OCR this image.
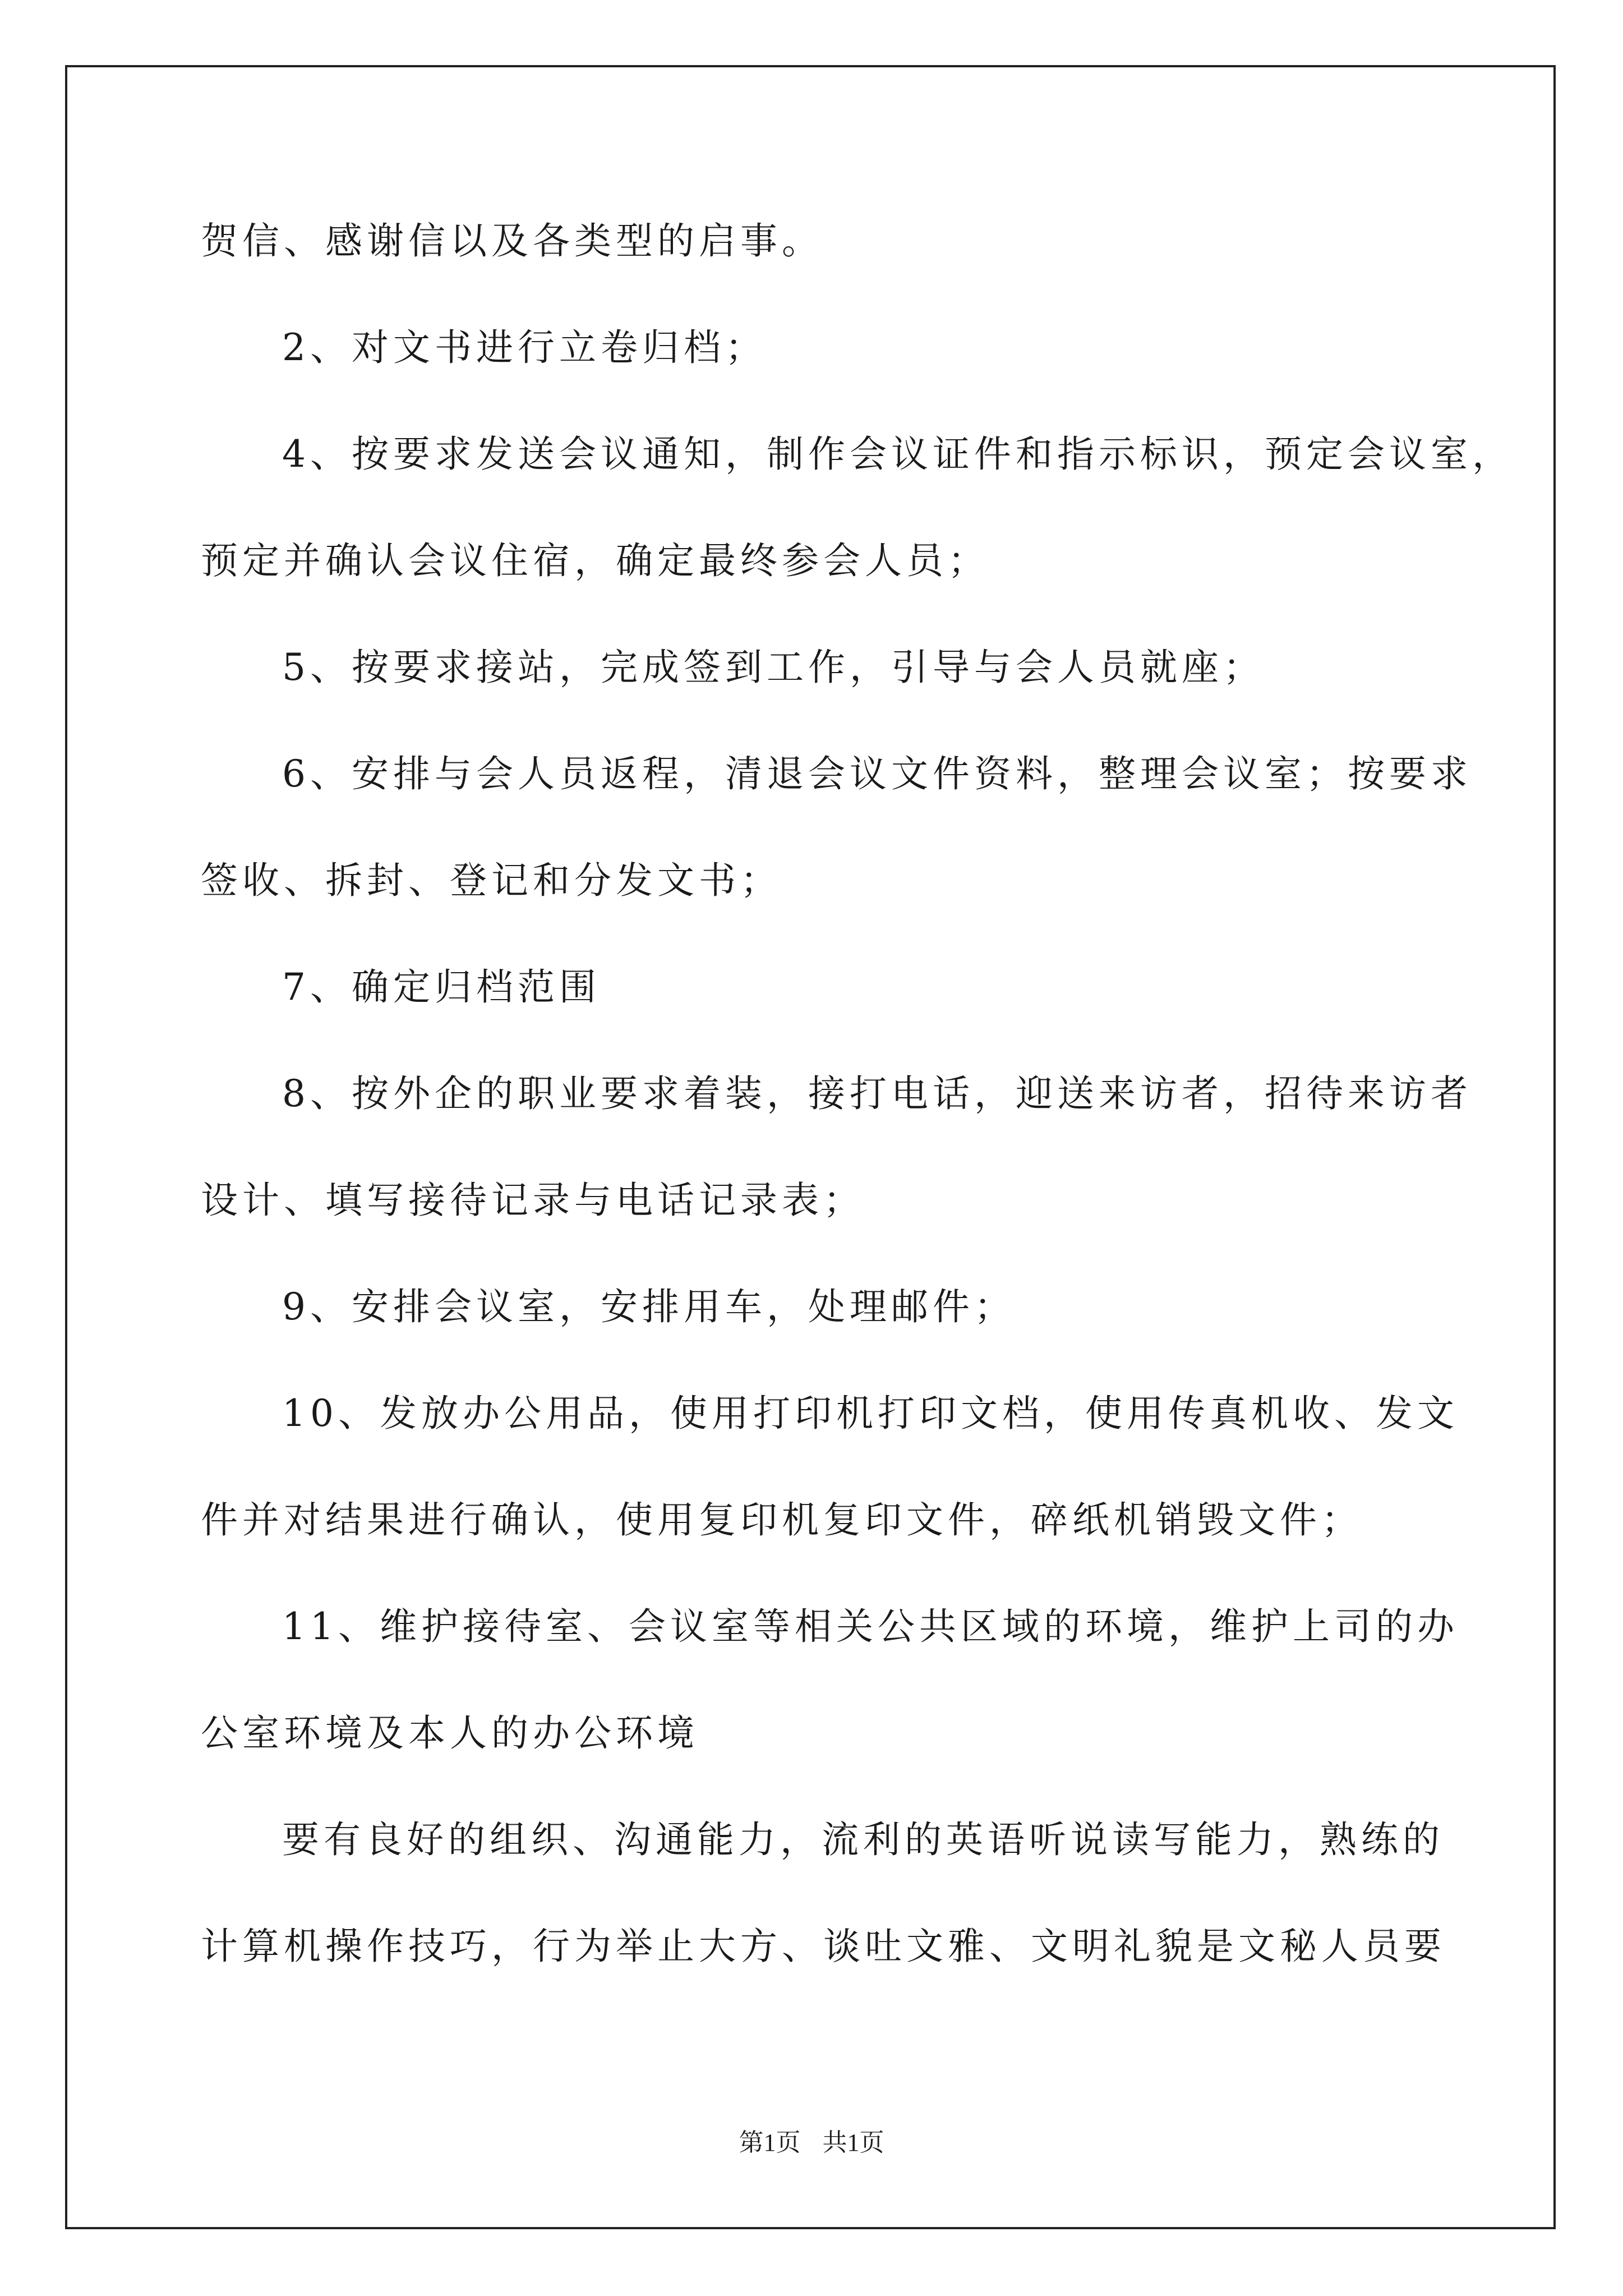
贺信、感谢信以及各类型的启事。
2、对文书进行立卷归档；
4、按要求发送会议通知，制作会议证件和指示标识，预定会议室，
预定并确认会议住宿，确定最终参会人员；
5、按要求接站，完成签到工作，引导与会人员就座；
6、安排与会人员返程，清退会议文件资料，整理会议室；按要求
签收、拆封、登记和分发文书；
7、确定归档范围
8、按外企的职业要求着装，接打电话，迎送来访者，招待来访者
设计、填写接待记录与电话记录表；
9、安排会议室，安排用车，处理邮件；
10、发放办公用品，使用打印机打印文档，使用传真机收、发文
件并对结果进行确认，使用复印机复印文件，碎纸机销毁文件；
11、维护接待室、会议室等相关公共区域的环境，维护上司的办
公室环境及本人的办公环境
要有良好的组织、沟通能力，流利的英语听说读写能力，熟练的
计算机操作技巧，行为举止大方、谈吐文雅、文明礼貌是文秘人员要
第1页 共1页
